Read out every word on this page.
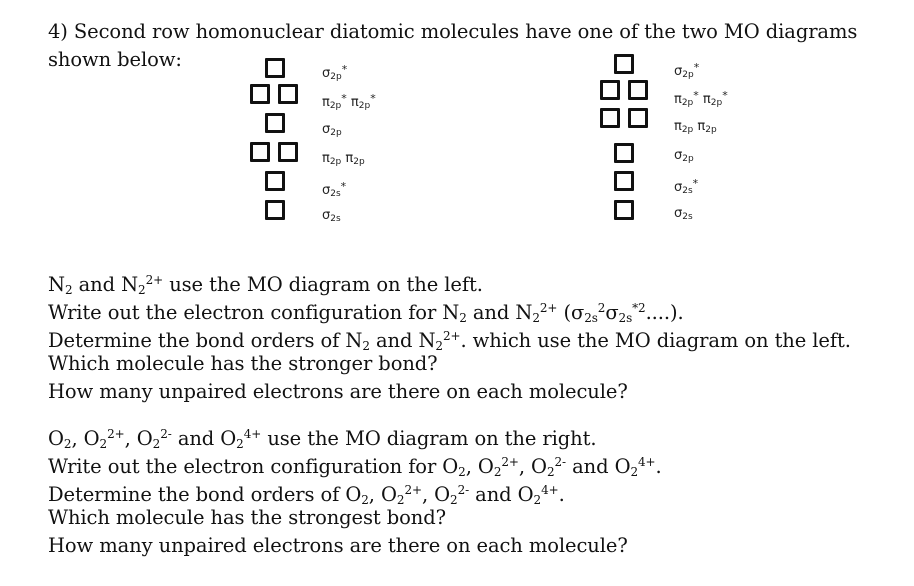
4) Second row homonuclear diatomic molecules have one of the two MO diagrams
shown below:
$\sigma_{2p}^*$
$\pi_{2p}^*$ $\pi_{2p}^*$
$\sigma_{2p}$
$\pi_{2p}$ $\pi_{2p}$
$\sigma_{2s}^*$
$\sigma_{2s}$
$\sigma_{2p}^*$
$\pi_{2p}^*$ $\pi_{2p}^*$
$\pi_{2p}$ $\pi_{2p}$
$\sigma_{2p}$
$\sigma_{2s}^*$
$\sigma_{2s}$
$N_2$ and $N_2^{2+}$ use the MO diagram on the left.
Write out the electron configuration for $N_2$ and $N_2^{2+}$ $(\sigma_{2s}^2\sigma_{2s}^{*2}....)$.
Determine the bond orders of $N_2$ and $N_2^{2+}$. which use the MO diagram on the left.
Which molecule has the stronger bond?
How many unpaired electrons are there on each molecule?
$O_2$, $O_2^{2+}$, $O_2^{2-}$ and $O_2^{4+}$ use the MO diagram on the right.
Write out the electron configuration for $O_2$, $O_2^{2+}$, $O_2^{2-}$ and $O_2^{4+}$.
Determine the bond orders of $O_2$, $O_2^{2+}$, $O_2^{2-}$ and $O_2^{4+}$.
Which molecule has the strongest bond?
How many unpaired electrons are there on each molecule?
